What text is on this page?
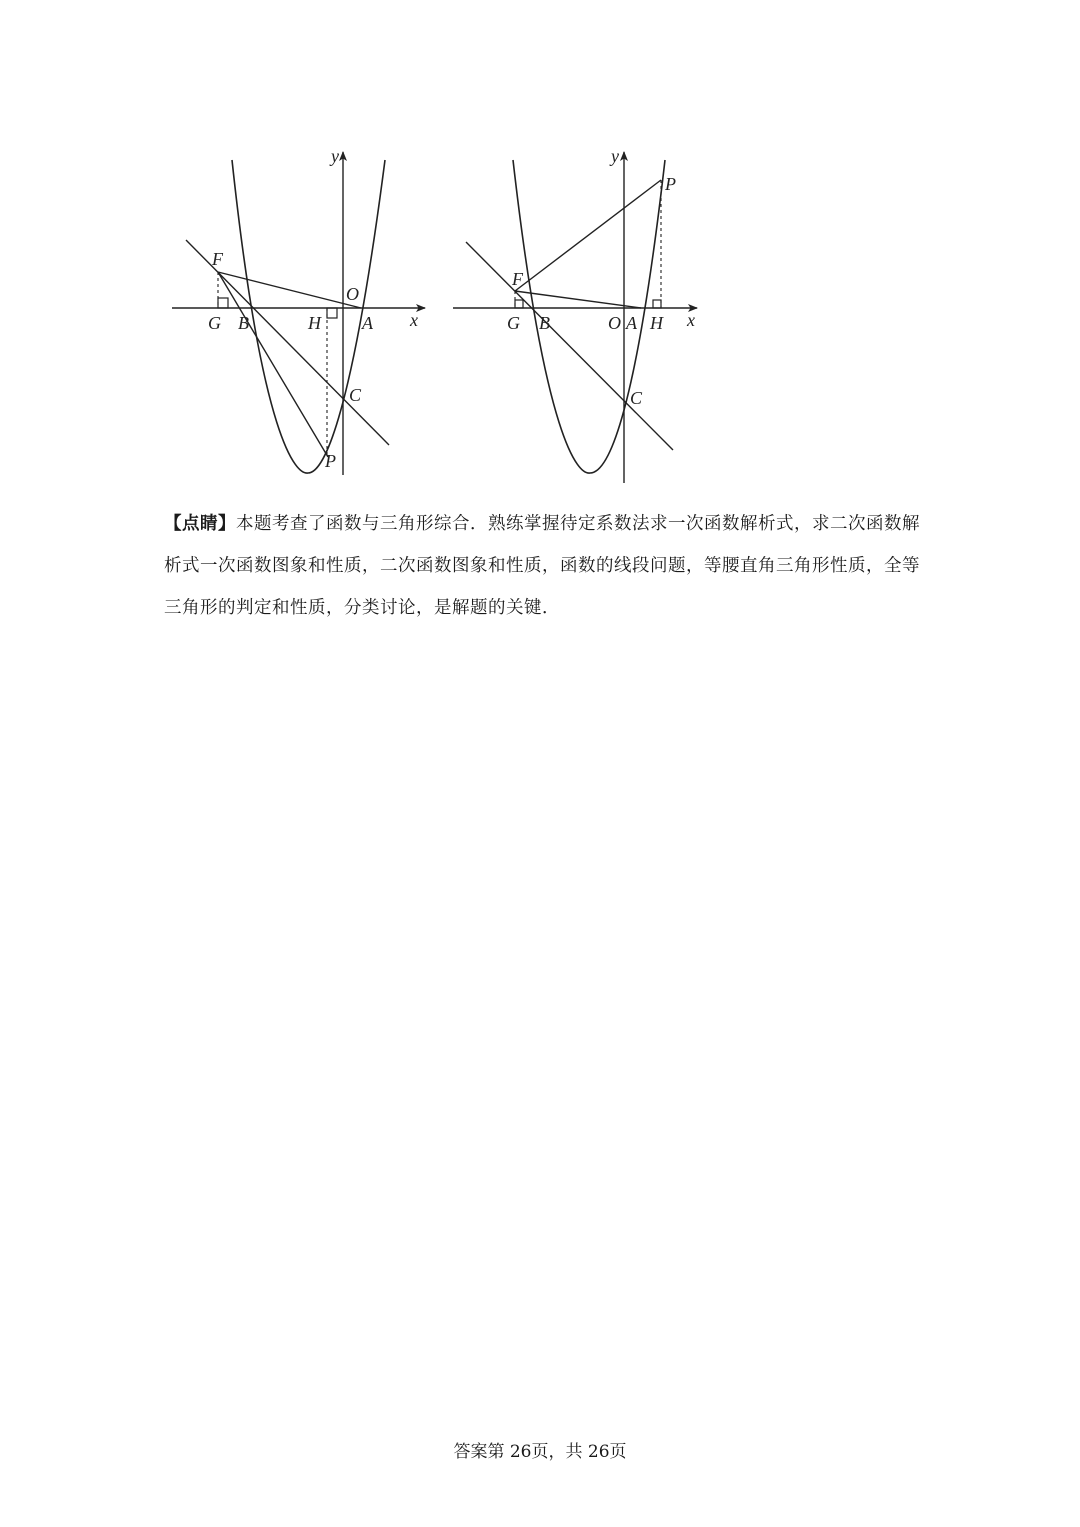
y
x
F
G B	H
O
A
C
P
y
x
F
G B	O A H
C
P
【点睛】本题考查了函数与三角形综合．熟练掌握待定系数法求一次函数解析式，求二次函数解析式一次函数图象和性质，二次函数图象和性质，函数的线段问题，等腰直角三角形性质，全等三角形的判定和性质，分类讨论，是解题的关键．
答案第 26页，共 26页
